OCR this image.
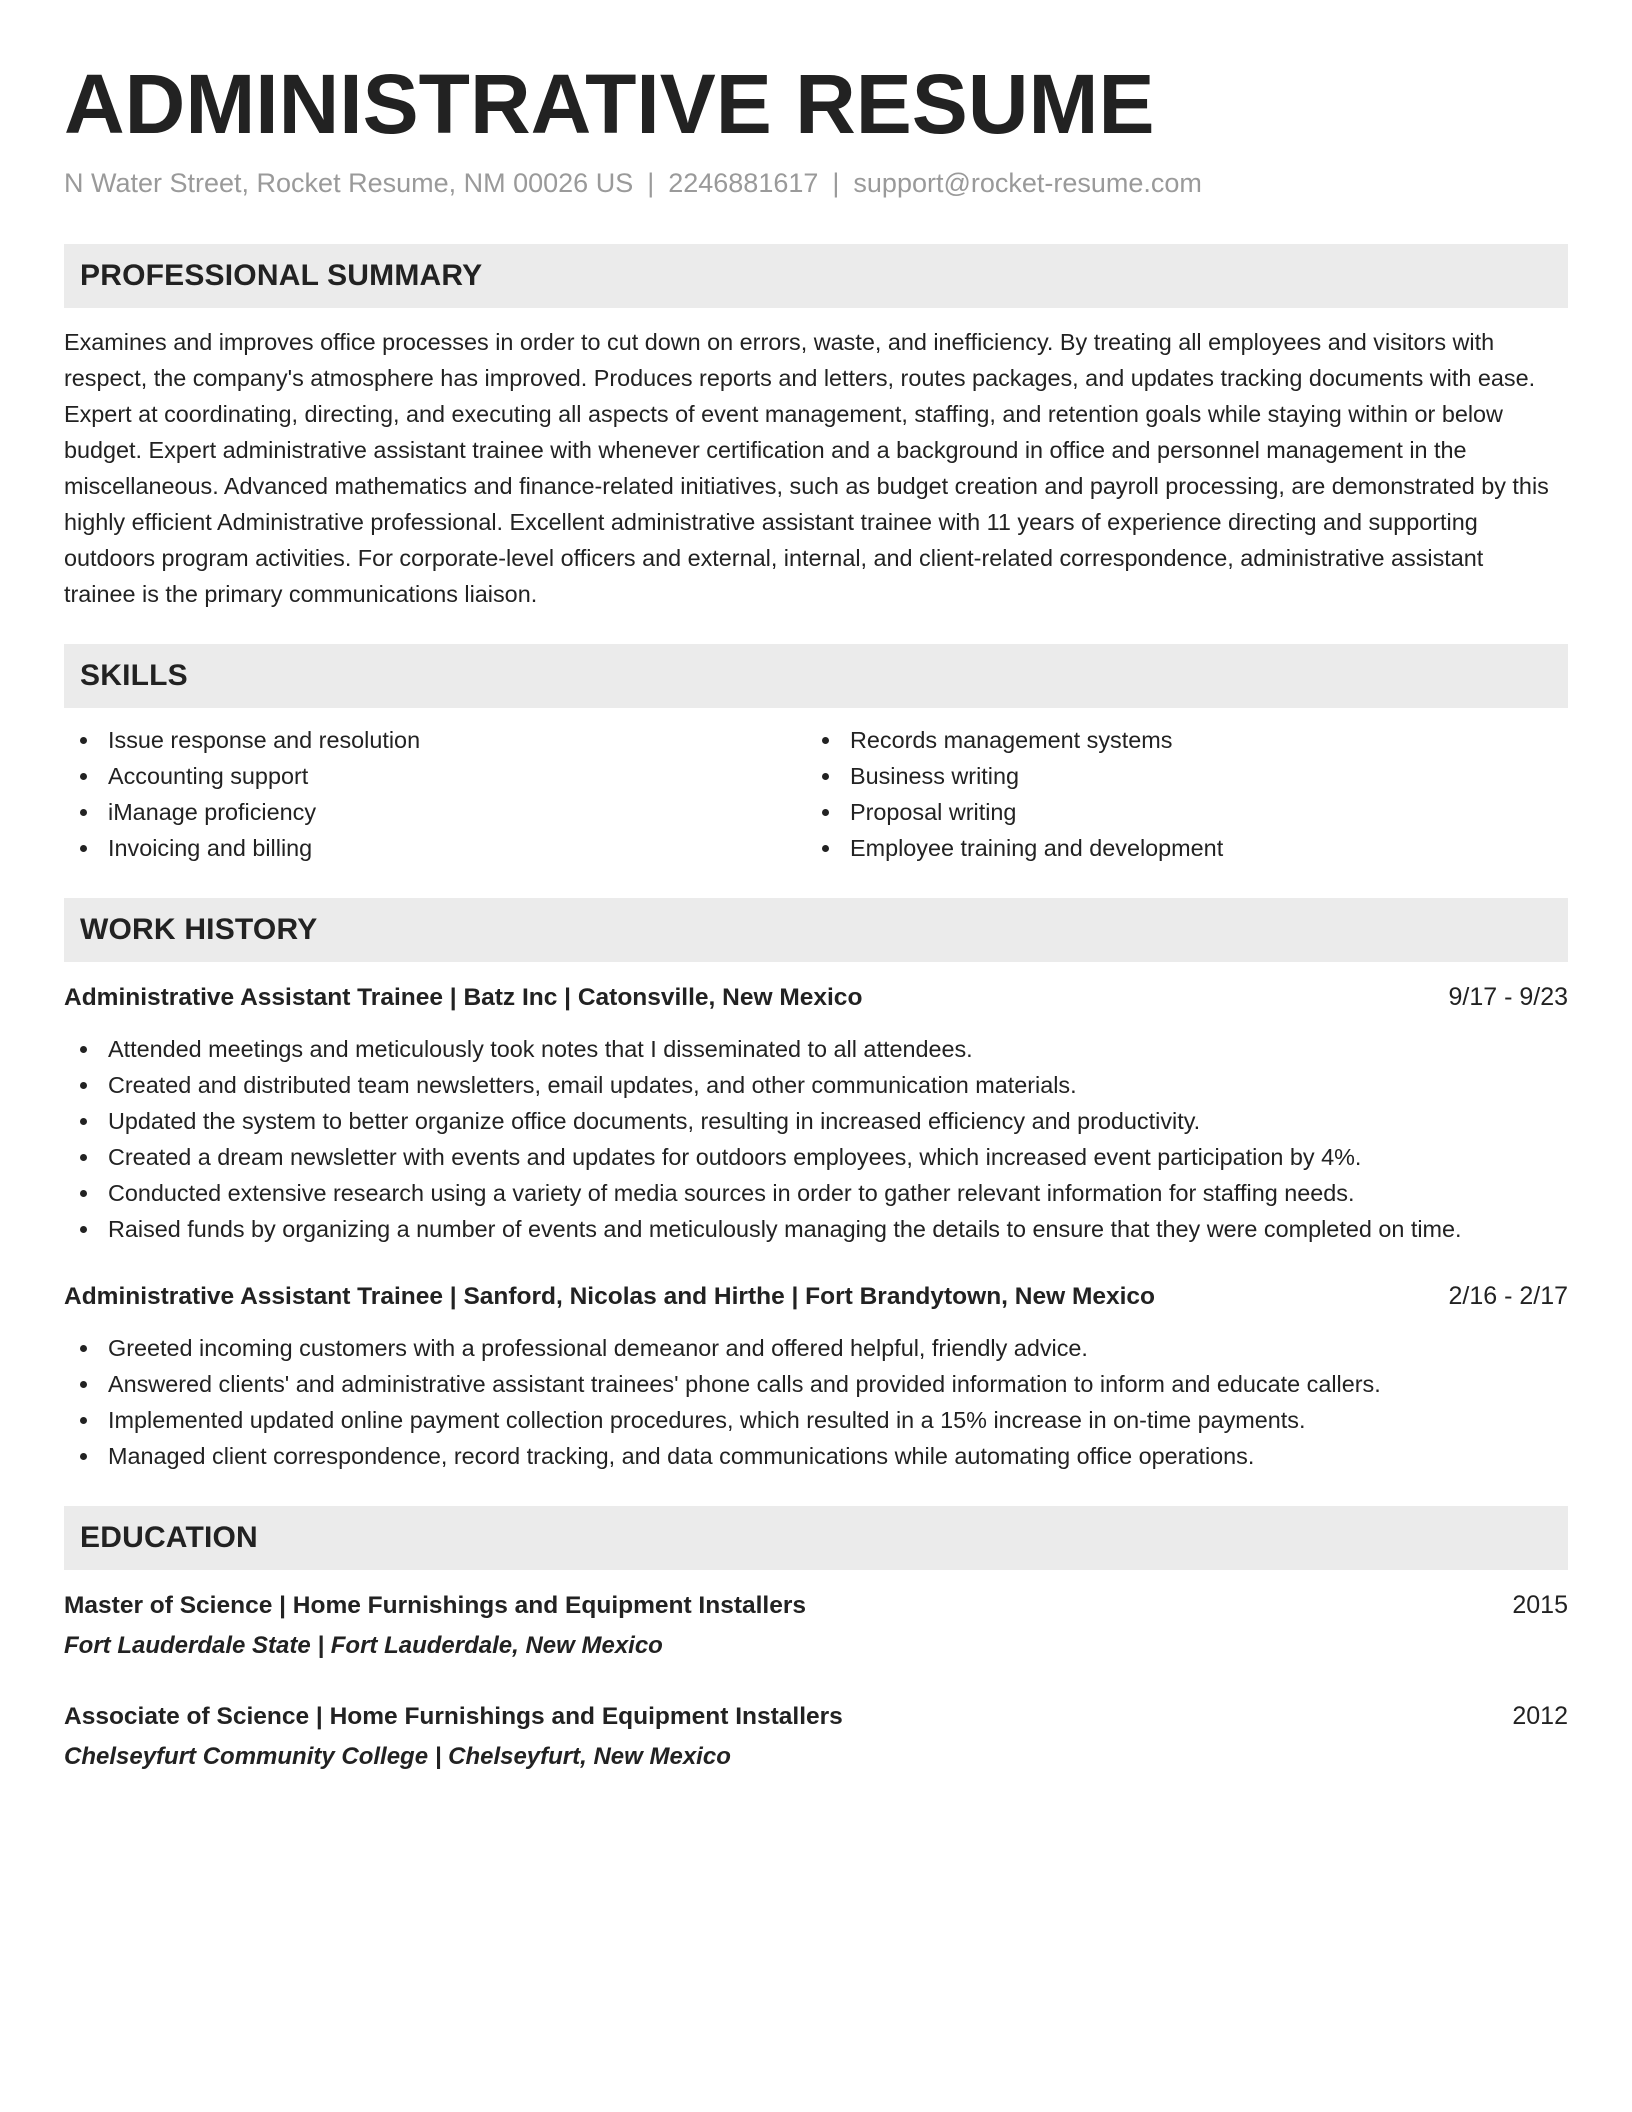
ADMINISTRATIVE RESUME
N Water Street, Rocket Resume, NM 00026 US | 2246881617 | support@rocket-resume.com
PROFESSIONAL SUMMARY

Examines and improves office processes in order to cut down on errors, waste, and inefficiency. By treating all employees and visitors with respect, the company's atmosphere has improved. Produces reports and letters, routes packages, and updates tracking documents with ease. Expert at coordinating, directing, and executing all aspects of event management, staffing, and retention goals while staying within or below budget. Expert administrative assistant trainee with whenever certification and a background in office and personnel management in the miscellaneous. Advanced mathematics and finance-related initiatives, such as budget creation and payroll processing, are demonstrated by this highly efficient Administrative professional. Excellent administrative assistant trainee with 11 years of experience directing and supporting outdoors program activities. For corporate-level officers and external, internal, and client-related correspondence, administrative assistant trainee is the primary communications liaison.

SKILLS
Issue response and resolution
Accounting support
iManage proficiency
Invoicing and billing
Records management systems
Business writing
Proposal writing
Employee training and development
WORK HISTORY
Administrative Assistant Trainee | Batz Inc | Catonsville, New Mexico	9/17 - 9/23
Attended meetings and meticulously took notes that I disseminated to all attendees.
Created and distributed team newsletters, email updates, and other communication materials.
Updated the system to better organize office documents, resulting in increased efficiency and productivity.
Created a dream newsletter with events and updates for outdoors employees, which increased event participation by 4%.
Conducted extensive research using a variety of media sources in order to gather relevant information for staffing needs.
Raised funds by organizing a number of events and meticulously managing the details to ensure that they were completed on time.
Administrative Assistant Trainee | Sanford, Nicolas and Hirthe | Fort Brandytown, New Mexico	2/16 - 2/17
Greeted incoming customers with a professional demeanor and offered helpful, friendly advice.
Answered clients' and administrative assistant trainees' phone calls and provided information to inform and educate callers.
Implemented updated online payment collection procedures, which resulted in a 15% increase in on-time payments.
Managed client correspondence, record tracking, and data communications while automating office operations.
EDUCATION
Master of Science | Home Furnishings and Equipment Installers	2015
Fort Lauderdale State | Fort Lauderdale, New Mexico
Associate of Science | Home Furnishings and Equipment Installers	2012
Chelseyfurt Community College | Chelseyfurt, New Mexico
